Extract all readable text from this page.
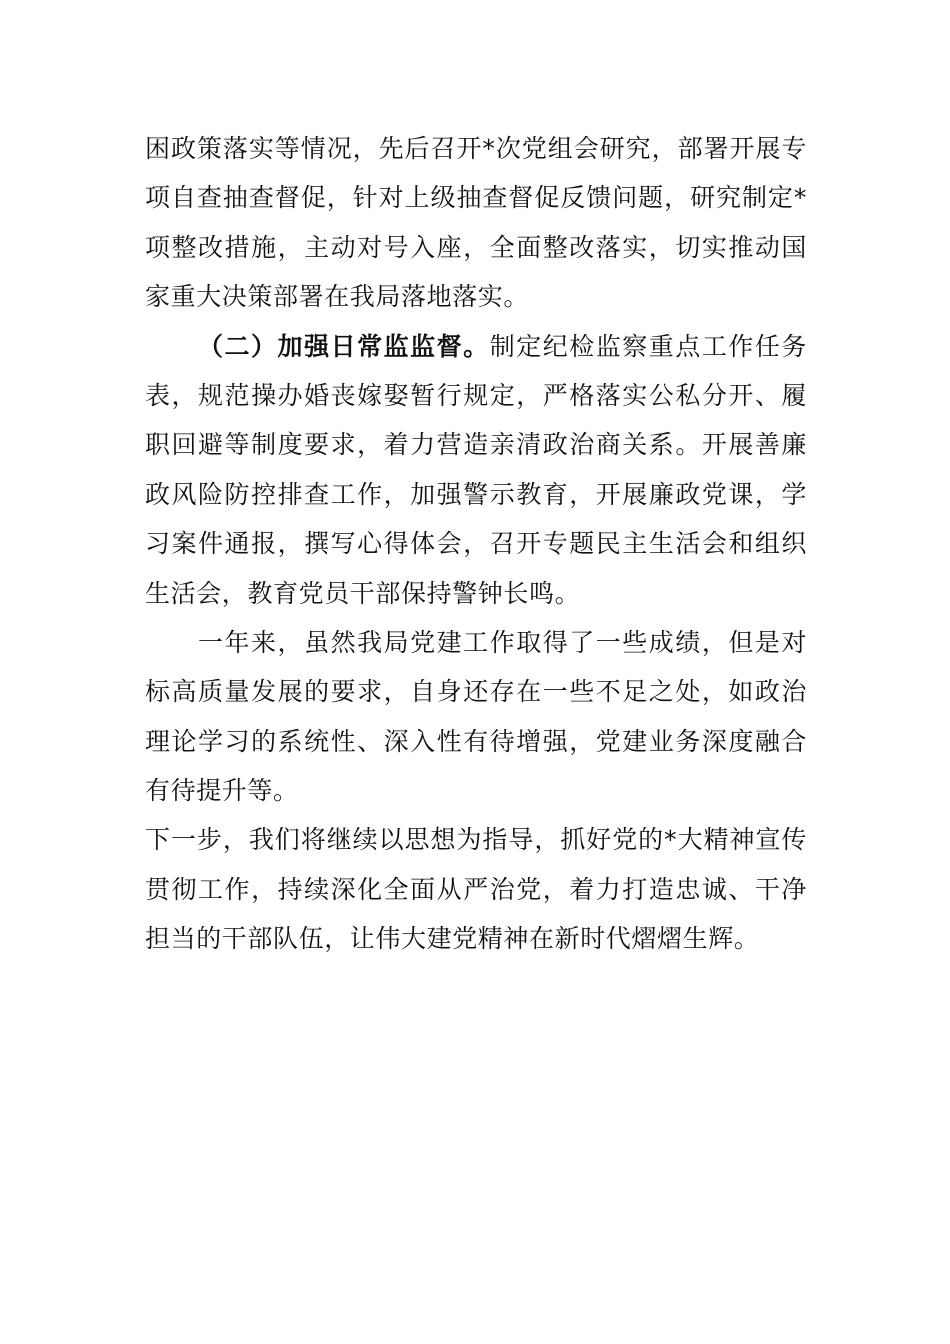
困政策落实等情况，先后召开*次党组会研究，部署开展专
项自查抽查督促，针对上级抽查督促反馈问题，研究制定*
项整改措施，主动对号入座，全面整改落实，切实推动国
家重大决策部署在我局落地落实。
（二）加强日常监监督。制定纪检监察重点工作任务
表，规范操办婚丧嫁娶暂行规定，严格落实公私分开、履
职回避等制度要求，着力营造亲清政治商关系。开展善廉
政风险防控排查工作，加强警示教育，开展廉政党课，学
习案件通报，撰写心得体会，召开专题民主生活会和组织
生活会，教育党员干部保持警钟长鸣。
一年来，虽然我局党建工作取得了一些成绩，但是对
标高质量发展的要求，自身还存在一些不足之处，如政治
理论学习的系统性、深入性有待增强，党建业务深度融合
有待提升等。
下一步，我们将继续以思想为指导，抓好党的*大精神宣传
贯彻工作，持续深化全面从严治党，着力打造忠诚、干净
担当的干部队伍，让伟大建党精神在新时代熠熠生辉。
